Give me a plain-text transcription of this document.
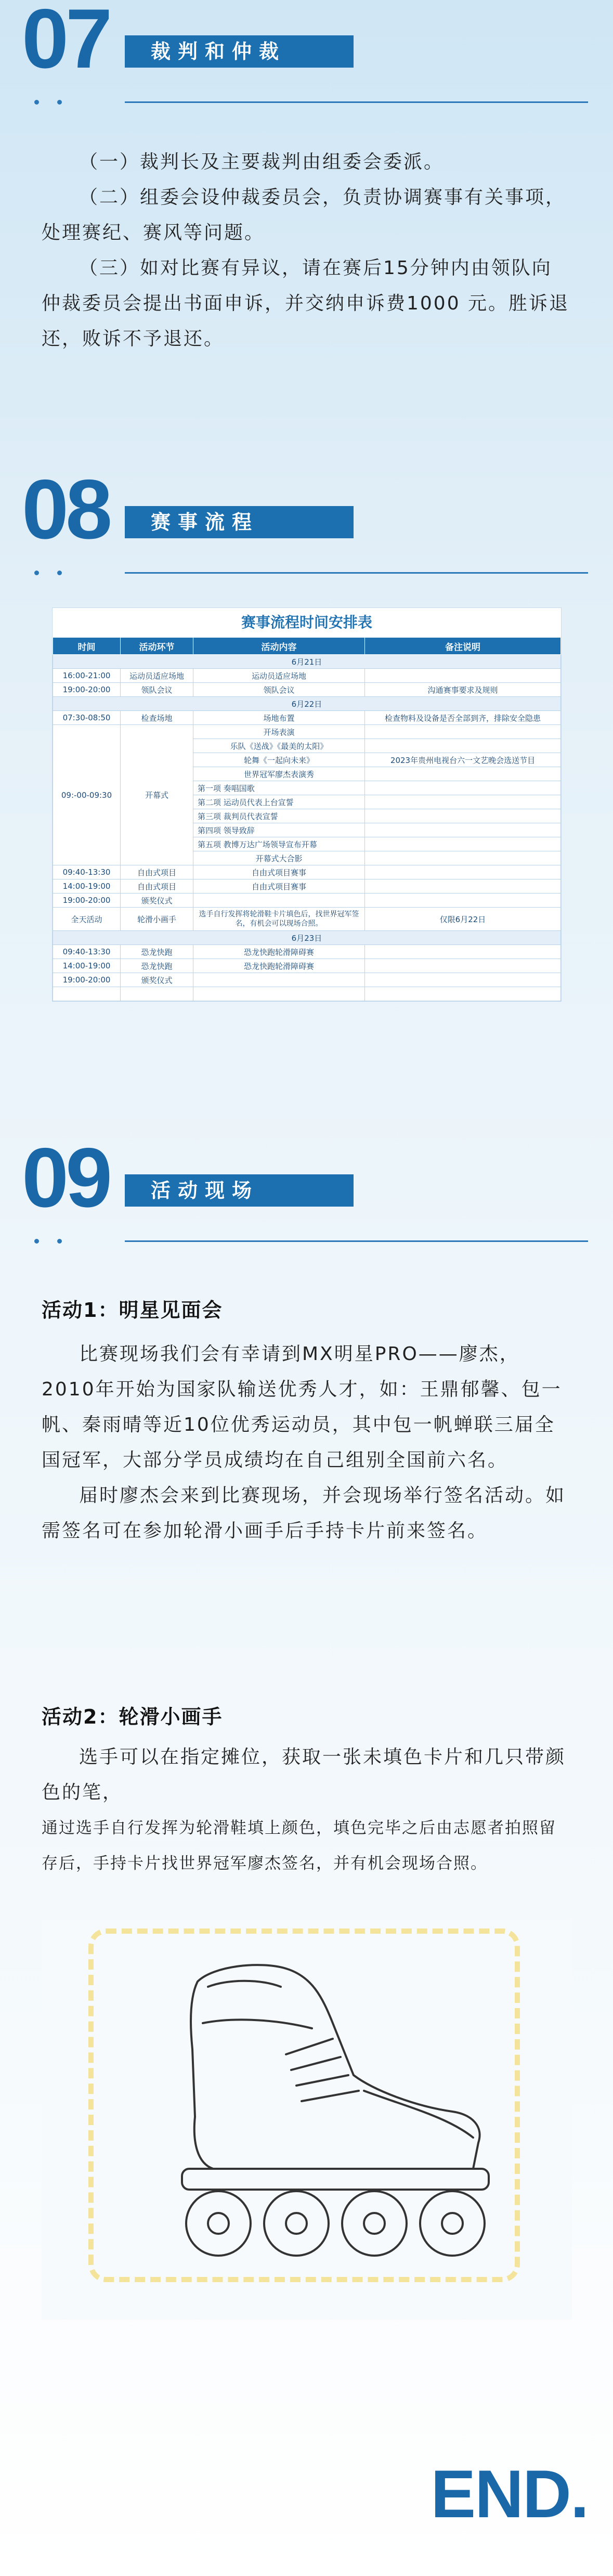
07	裁判和仲裁

（一）裁判长及主要裁判由组委会委派。

（二）组委会设仲裁委员会，负责协调赛事有关事项，处理赛纪、赛风等问题。

（三）如对比赛有异议，请在赛后15分钟内由领队向仲裁委员会提出书面申诉，并交纳申诉费1000 元。胜诉退还，败诉不予退还。

08	赛事流程
赛事流程时间安排表
时间	活动环节	活动内容	备注说明
6月21日			
16:00-21:00	运动员适应场地	运动员适应场地	
19:00-20:00	领队会议	领队会议	沟通赛事要求及规则
6月22日			
07:30-08:50	检查场地	场地布置	检查物料及设备是否全部到齐，排除安全隐患
09:-00-09:30	开幕式	开场表演	
		乐队《送战》《最美的太阳》	
		轮舞《一起向未来》	2023年贵州电视台六一文艺晚会选送节目
		世界冠军廖杰表演秀	
		第一项 奏唱国歌	
		第二项 运动员代表上台宣誓	
		第三项 裁判员代表宣誓	
		第四项 领导致辞	
		第五项 教博万达广场领导宣布开幕	
		开幕式大合影	
09:40-13:30	自由式项目	自由式项目赛事	
14:00-19:00	自由式项目	自由式项目赛事	
19:00-20:00	颁奖仪式		
全天活动	轮滑小画手	选手自行发挥将轮滑鞋卡片填色后，找世界冠军签名，有机会可以现场合照。	仅限6月22日
6月23日			
09:40-13:30	恐龙快跑	恐龙快跑轮滑障碍赛	
14:00-19:00	恐龙快跑	恐龙快跑轮滑障碍赛	
19:00-20:00	颁奖仪式		

09	活动现场
活动1：明星见面会

比赛现场我们会有幸请到MX明星PRO——廖杰，2010年开始为国家队输送优秀人才，如：王鼎郁馨、包一帆、秦雨晴等近10位优秀运动员，其中包一帆蝉联三届全国冠军，大部分学员成绩均在自己组别全国前六名。

届时廖杰会来到比赛现场，并会现场举行签名活动。如需签名可在参加轮滑小画手后手持卡片前来签名。

活动2：轮滑小画手

选手可以在指定摊位，获取一张未填色卡片和几只带颜色的笔，

通过选手自行发挥为轮滑鞋填上颜色，填色完毕之后由志愿者拍照留存后，手持卡片找世界冠军廖杰签名，并有机会现场合照。

END.
